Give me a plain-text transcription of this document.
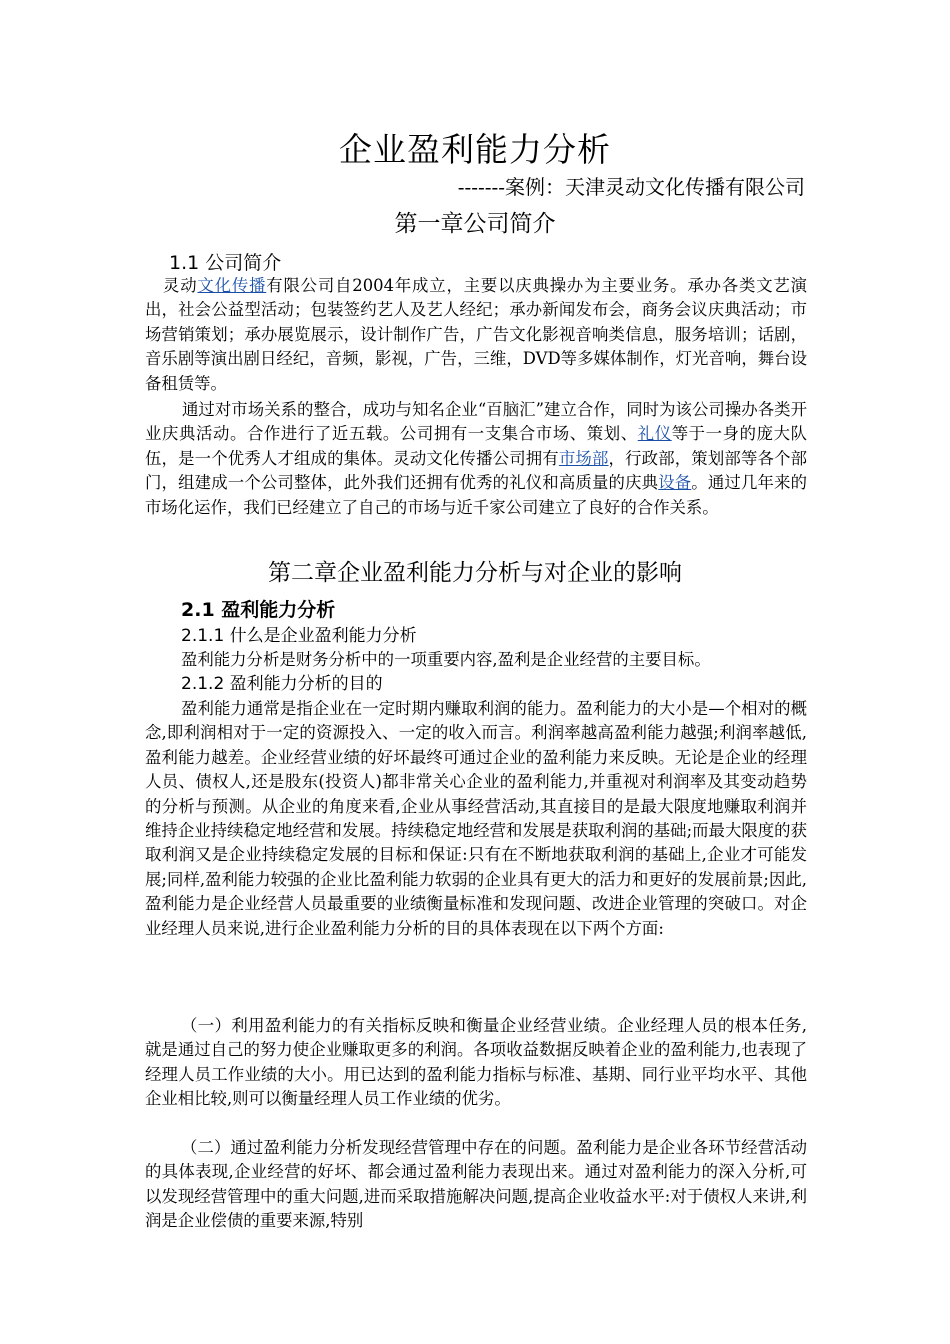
企业盈利能力分析
-------案例：天津灵动文化传播有限公司
第一章公司简介
1.1 公司简介

灵动文化传播有限公司自2004年成立，主要以庆典操办为主要业务。承办各类文艺演出，社会公益型活动；包装签约艺人及艺人经纪；承办新闻发布会，商务会议庆典活动；市场营销策划；承办展览展示，设计制作广告，广告文化影视音响类信息，服务培训；话剧，音乐剧等演出剧日经纪，音频，影视，广告，三维，DVD等多媒体制作，灯光音响，舞台设备租赁等。

通过对市场关系的整合，成功与知名企业“百脑汇”建立合作，同时为该公司操办各类开业庆典活动。合作进行了近五载。公司拥有一支集合市场、策划、礼仪等于一身的庞大队伍，是一个优秀人才组成的集体。灵动文化传播公司拥有市场部，行政部，策划部等各个部门，组建成一个公司整体，此外我们还拥有优秀的礼仪和高质量的庆典设备。通过几年来的市场化运作，我们已经建立了自己的市场与近千家公司建立了良好的合作关系。

第二章企业盈利能力分析与对企业的影响
2.1 盈利能力分析
2.1.1 什么是企业盈利能力分析

盈利能力分析是财务分析中的一项重要内容,盈利是企业经营的主要目标。

2.1.2 盈利能力分析的目的

盈利能力通常是指企业在一定时期内赚取利润的能力。盈利能力的大小是—个相对的概念,即利润相对于一定的资源投入、一定的收入而言。利润率越高盈利能力越强;利润率越低,盈利能力越差。企业经营业绩的好坏最终可通过企业的盈利能力来反映。无论是企业的经理人员、债权人,还是股东(投资人)都非常关心企业的盈利能力,并重视对利润率及其变动趋势的分析与预测。从企业的角度来看,企业从事经营活动,其直接目的是最大限度地赚取利润并维持企业持续稳定地经营和发展。持续稳定地经营和发展是获取利润的基础;而最大限度的获取利润又是企业持续稳定发展的目标和保证:只有在不断地获取利润的基础上,企业才可能发展;同样,盈利能力较强的企业比盈利能力软弱的企业具有更大的活力和更好的发展前景;因此,盈利能力是企业经营人员最重要的业绩衡量标准和发现问题、改进企业管理的突破口。对企业经理人员来说,进行企业盈利能力分析的目的具体表现在以下两个方面:

（一）利用盈利能力的有关指标反映和衡量企业经营业绩。企业经理人员的根本任务,就是通过自己的努力使企业赚取更多的利润。各项收益数据反映着企业的盈利能力,也表现了经理人员工作业绩的大小。用已达到的盈利能力指标与标准、基期、同行业平均水平、其他企业相比较,则可以衡量经理人员工作业绩的优劣。

（二）通过盈利能力分析发现经营管理中存在的问题。盈利能力是企业各环节经营活动的具体表现,企业经营的好坏、都会通过盈利能力表现出来。通过对盈利能力的深入分析,可以发现经营管理中的重大问题,进而采取措施解决问题,提高企业收益水平:对于债权人来讲,利润是企业偿债的重要来源,特别
